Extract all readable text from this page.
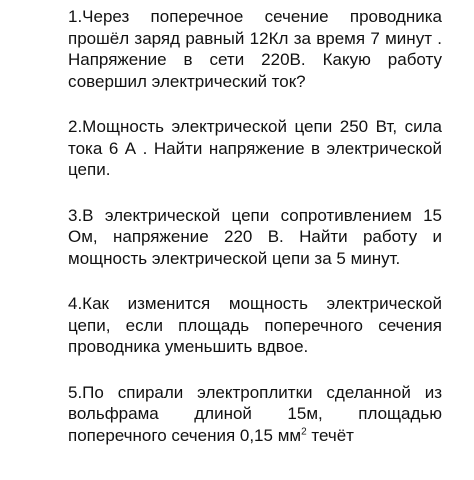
1.Через поперечное сечение проводника прошёл заряд равный 12Кл за время 7 минут . Напряжение в сети 220В. Какую работу совершил электрический ток?

2.Мощность электрической цепи 250 Вт, сила тока 6 А . Найти напряжение в электрической цепи.

3.В электрической цепи сопротивлением 15 Ом, напряжение 220 В. Найти работу и мощность электрической цепи за 5 минут.

4.Как изменится мощность электрической цепи, если площадь поперечного сечения проводника уменьшить вдвое.

5.По спирали электроплитки сделанной из вольфрама длиной 15м, площадью поперечного сечения 0,15 $мм^2$ течёт
